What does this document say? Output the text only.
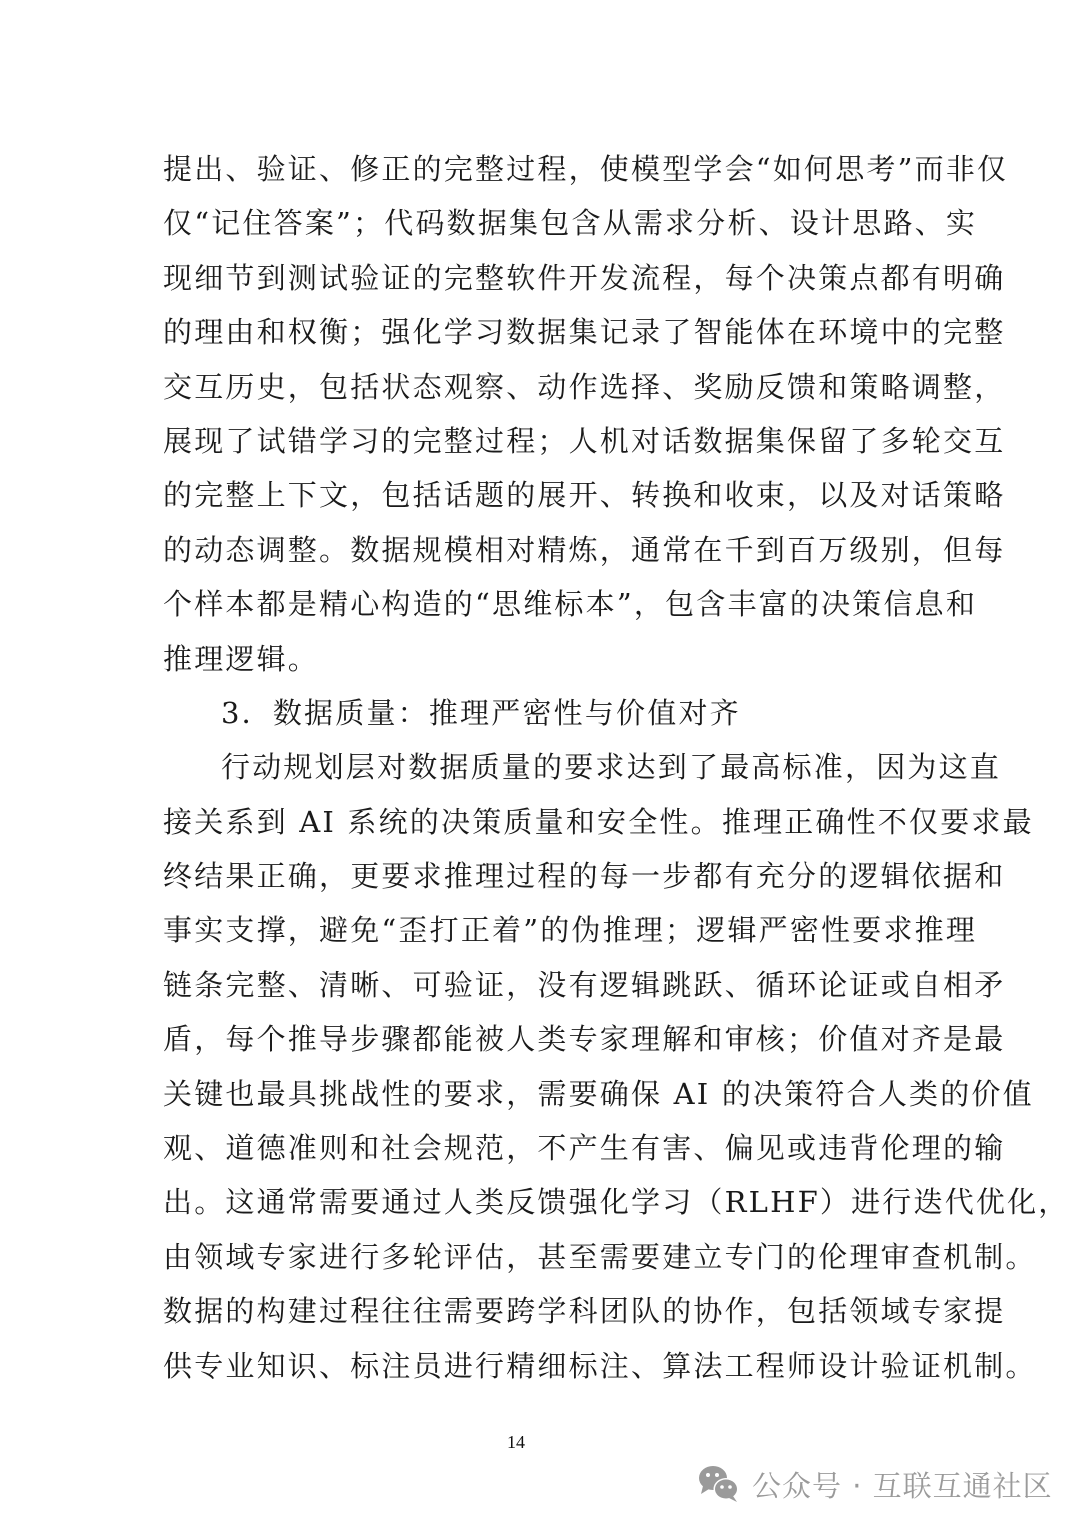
提出、验证、修正的完整过程，使模型学会“如何思考”而非仅
仅“记住答案”；代码数据集包含从需求分析、设计思路、实
现细节到测试验证的完整软件开发流程，每个决策点都有明确
的理由和权衡；强化学习数据集记录了智能体在环境中的完整
交互历史，包括状态观察、动作选择、奖励反馈和策略调整，
展现了试错学习的完整过程；人机对话数据集保留了多轮交互
的完整上下文，包括话题的展开、转换和收束，以及对话策略
的动态调整。数据规模相对精炼，通常在千到百万级别，但每
个样本都是精心构造的“思维标本”，包含丰富的决策信息和
推理逻辑。
3．数据质量：推理严密性与价值对齐
行动规划层对数据质量的要求达到了最高标准，因为这直
接关系到 AI 系统的决策质量和安全性。推理正确性不仅要求最
终结果正确，更要求推理过程的每一步都有充分的逻辑依据和
事实支撑，避免“歪打正着”的伪推理；逻辑严密性要求推理
链条完整、清晰、可验证，没有逻辑跳跃、循环论证或自相矛
盾，每个推导步骤都能被人类专家理解和审核；价值对齐是最
关键也最具挑战性的要求，需要确保 AI 的决策符合人类的价值
观、道德准则和社会规范，不产生有害、偏见或违背伦理的输
出。这通常需要通过人类反馈强化学习（RLHF）进行迭代优化，
由领域专家进行多轮评估，甚至需要建立专门的伦理审查机制。
数据的构建过程往往需要跨学科团队的协作，包括领域专家提
供专业知识、标注员进行精细标注、算法工程师设计验证机制。
14
公众号 · 互联互通社区
